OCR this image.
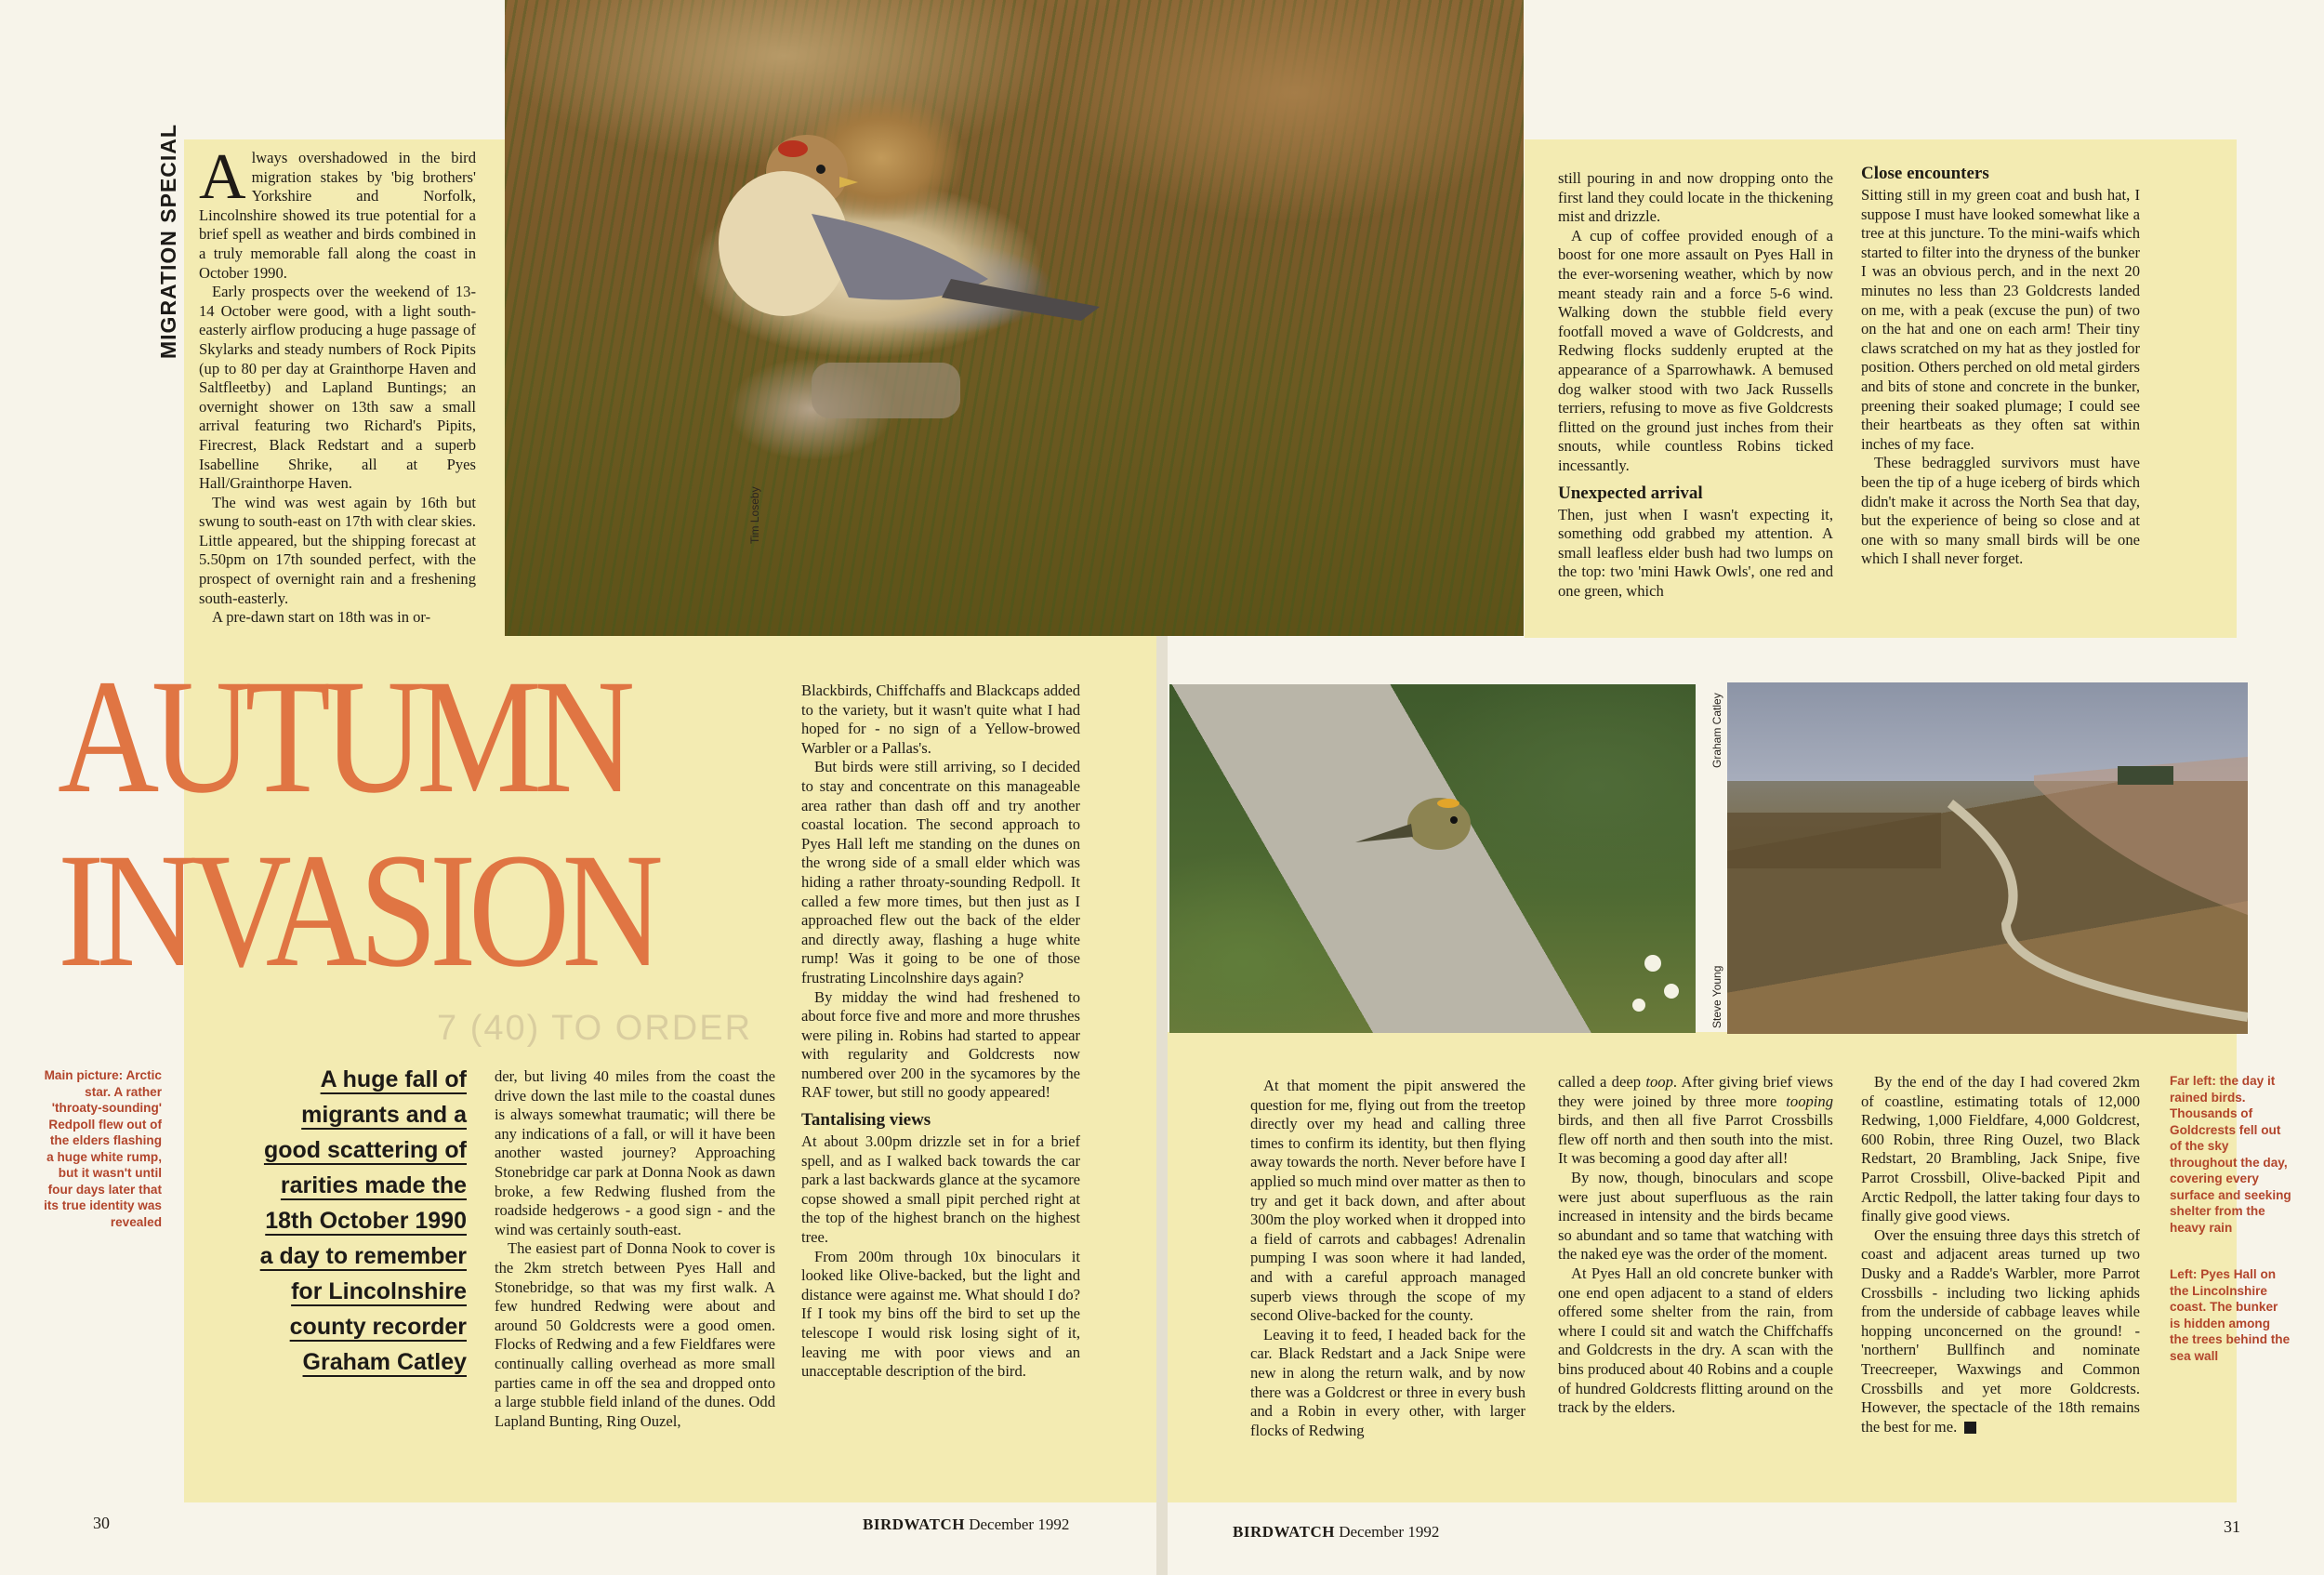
Tim Loseby
Graham Catley
Steve Young
MIGRATION SPECIAL
AUTUMN
INVASION
7 (40) TO ORDER
A huge fall of
migrants and a
good scattering of
rarities made the
18th October 1990
a day to remember
for Lincolnshire
county recorder
Graham Catley
Main picture: Arctic
star. A rather
'throaty-sounding'
Redpoll flew out of
the elders flashing
a huge white rump,
but it wasn't until
four days later that
its true identity was
revealed
Far left: the day it
rained birds.
Thousands of
Goldcrests fell out
of the sky
throughout the day,
covering every
surface and seeking
shelter from the
heavy rain
Left: Pyes Hall on
the Lincolnshire
coast. The bunker
is hidden among
the trees behind the
sea wall
A lways overshadowed in the bird migration stakes by 'big brothers' Yorkshire and Norfolk, Lincolnshire showed its true potential for a brief spell as weather and birds combined in a truly memorable fall along the coast in October 1990.

Early prospects over the weekend of 13-14 October were good, with a light south-easterly airflow producing a huge passage of Skylarks and steady numbers of Rock Pipits (up to 80 per day at Grainthorpe Haven and Saltfleetby) and Lapland Buntings; an overnight shower on 13th saw a small arrival featuring two Richard's Pipits, Firecrest, Black Redstart and a superb Isabelline Shrike, all at Pyes Hall/Grainthorpe Haven.

The wind was west again by 16th but swung to south-east on 17th with clear skies. Little appeared, but the shipping forecast at 5.50pm on 17th sounded perfect, with the prospect of overnight rain and a freshening south-easterly.

A pre-dawn start on 18th was in or-

der, but living 40 miles from the coast the drive down the last mile to the coastal dunes is always somewhat traumatic; will there be any indications of a fall, or will it have been another wasted journey? Approaching Stonebridge car park at Donna Nook as dawn broke, a few Redwing flushed from the roadside hedgerows - a good sign - and the wind was certainly south-east.

The easiest part of Donna Nook to cover is the 2km stretch between Pyes Hall and Stonebridge, so that was my first walk. A few hundred Redwing were about and around 50 Goldcrests were a good omen. Flocks of Redwing and a few Fieldfares were continually calling overhead as more small parties came in off the sea and dropped onto a large stubble field inland of the dunes. Odd Lapland Bunting, Ring Ouzel,

Blackbirds, Chiffchaffs and Blackcaps added to the variety, but it wasn't quite what I had hoped for - no sign of a Yellow-browed Warbler or a Pallas's.

But birds were still arriving, so I decided to stay and concentrate on this manageable area rather than dash off and try another coastal location. The second approach to Pyes Hall left me standing on the dunes on the wrong side of a small elder which was hiding a rather throaty-sounding Redpoll. It called a few more times, but then just as I approached flew out the back of the elder and directly away, flashing a huge white rump! Was it going to be one of those frustrating Lincolnshire days again?

By midday the wind had freshened to about force five and more and more thrushes were piling in. Robins had started to appear with regularity and Goldcrests now numbered over 200 in the sycamores by the RAF tower, but still no goody appeared!

Tantalising views

At about 3.00pm drizzle set in for a brief spell, and as I walked back towards the car park a last backwards glance at the sycamore copse showed a small pipit perched right at the top of the highest branch on the highest tree.

From 200m through 10x binoculars it looked like Olive-backed, but the light and distance were against me. What should I do? If I took my bins off the bird to set up the telescope I would risk losing sight of it, leaving me with poor views and an unacceptable description of the bird.

still pouring in and now dropping onto the first land they could locate in the thickening mist and drizzle.

A cup of coffee provided enough of a boost for one more assault on Pyes Hall in the ever-worsening weather, which by now meant steady rain and a force 5-6 wind. Walking down the stubble field every footfall moved a wave of Goldcrests, and Redwing flocks suddenly erupted at the appearance of a Sparrowhawk. A bemused dog walker stood with two Jack Russells terriers, refusing to move as five Goldcrests flitted on the ground just inches from their snouts, while countless Robins ticked incessantly.

Unexpected arrival

Then, just when I wasn't expecting it, something odd grabbed my attention. A small leafless elder bush had two lumps on the top: two 'mini Hawk Owls', one red and one green, which

Close encounters

Sitting still in my green coat and bush hat, I suppose I must have looked somewhat like a tree at this juncture. To the mini-waifs which started to filter into the dryness of the bunker I was an obvious perch, and in the next 20 minutes no less than 23 Goldcrests landed on me, with a peak (excuse the pun) of two on the hat and one on each arm! Their tiny claws scratched on my hat as they jostled for position. Others perched on old metal girders and bits of stone and concrete in the bunker, preening their soaked plumage; I could see their heartbeats as they often sat within inches of my face.

These bedraggled survivors must have been the tip of a huge iceberg of birds which didn't make it across the North Sea that day, but the experience of being so close and at one with so many small birds will be one which I shall never forget.

At that moment the pipit answered the question for me, flying out from the treetop directly over my head and calling three times to confirm its identity, but then flying away towards the north. Never before have I applied so much mind over matter as then to try and get it back down, and after about 300m the ploy worked when it dropped into a field of carrots and cabbages! Adrenalin pumping I was soon where it had landed, and with a careful approach managed superb views through the scope of my second Olive-backed for the county.

Leaving it to feed, I headed back for the car. Black Redstart and a Jack Snipe were new in along the return walk, and by now there was a Goldcrest or three in every bush and a Robin in every other, with larger flocks of Redwing

called a deep toop. After giving brief views they were joined by three more tooping birds, and then all five Parrot Crossbills flew off north and then south into the mist. It was becoming a good day after all!

By now, though, binoculars and scope were just about superfluous as the rain increased in intensity and the birds became so abundant and so tame that watching with the naked eye was the order of the moment.

At Pyes Hall an old concrete bunker with one end open adjacent to a stand of elders offered some shelter from the rain, from where I could sit and watch the Chiffchaffs and Goldcrests in the dry. A scan with the bins produced about 40 Robins and a couple of hundred Goldcrests flitting around on the track by the elders.

By the end of the day I had covered 2km of coastline, estimating totals of 12,000 Redwing, 1,000 Fieldfare, 4,000 Goldcrest, 600 Robin, three Ring Ouzel, two Black Redstart, 20 Brambling, Jack Snipe, five Parrot Crossbill, Olive-backed Pipit and Arctic Redpoll, the latter taking four days to finally give good views.

Over the ensuing three days this stretch of coast and adjacent areas turned up two Dusky and a Radde's Warbler, more Parrot Crossbills - including two licking aphids from the underside of cabbage leaves while hopping unconcerned on the ground! - 'northern' Bullfinch and nominate Treecreeper, Waxwings and Common Crossbills and yet more Goldcrests. However, the spectacle of the 18th remains the best for me.

30	BIRDWATCH December 1992	BIRDWATCH December 1992	31
